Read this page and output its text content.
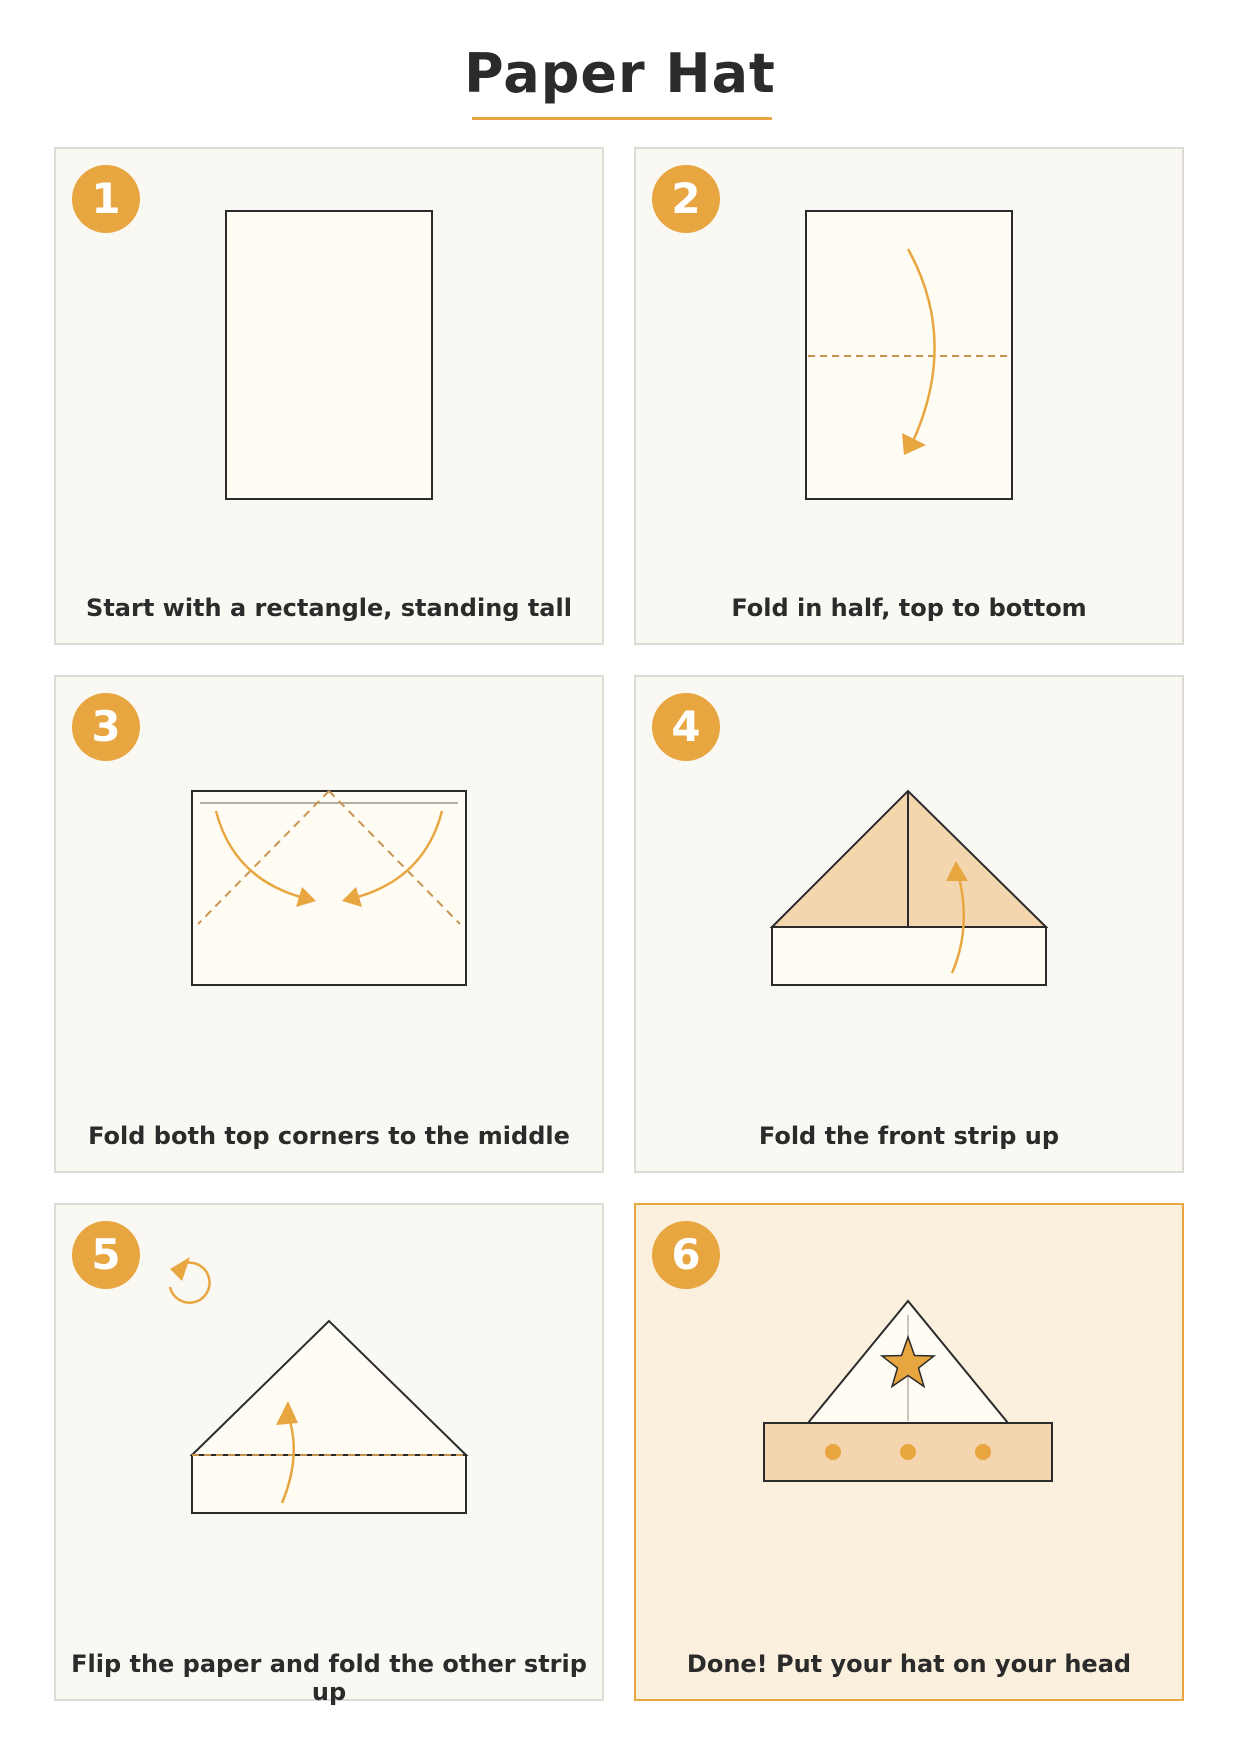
Paper Hat
1
Start with a rectangle, standing tall
2
Fold in half, top to bottom
3
Fold both top corners to the middle
4
Fold the front strip up
5
Flip the paper and fold the other strip up
6
Done! Put your hat on your head
